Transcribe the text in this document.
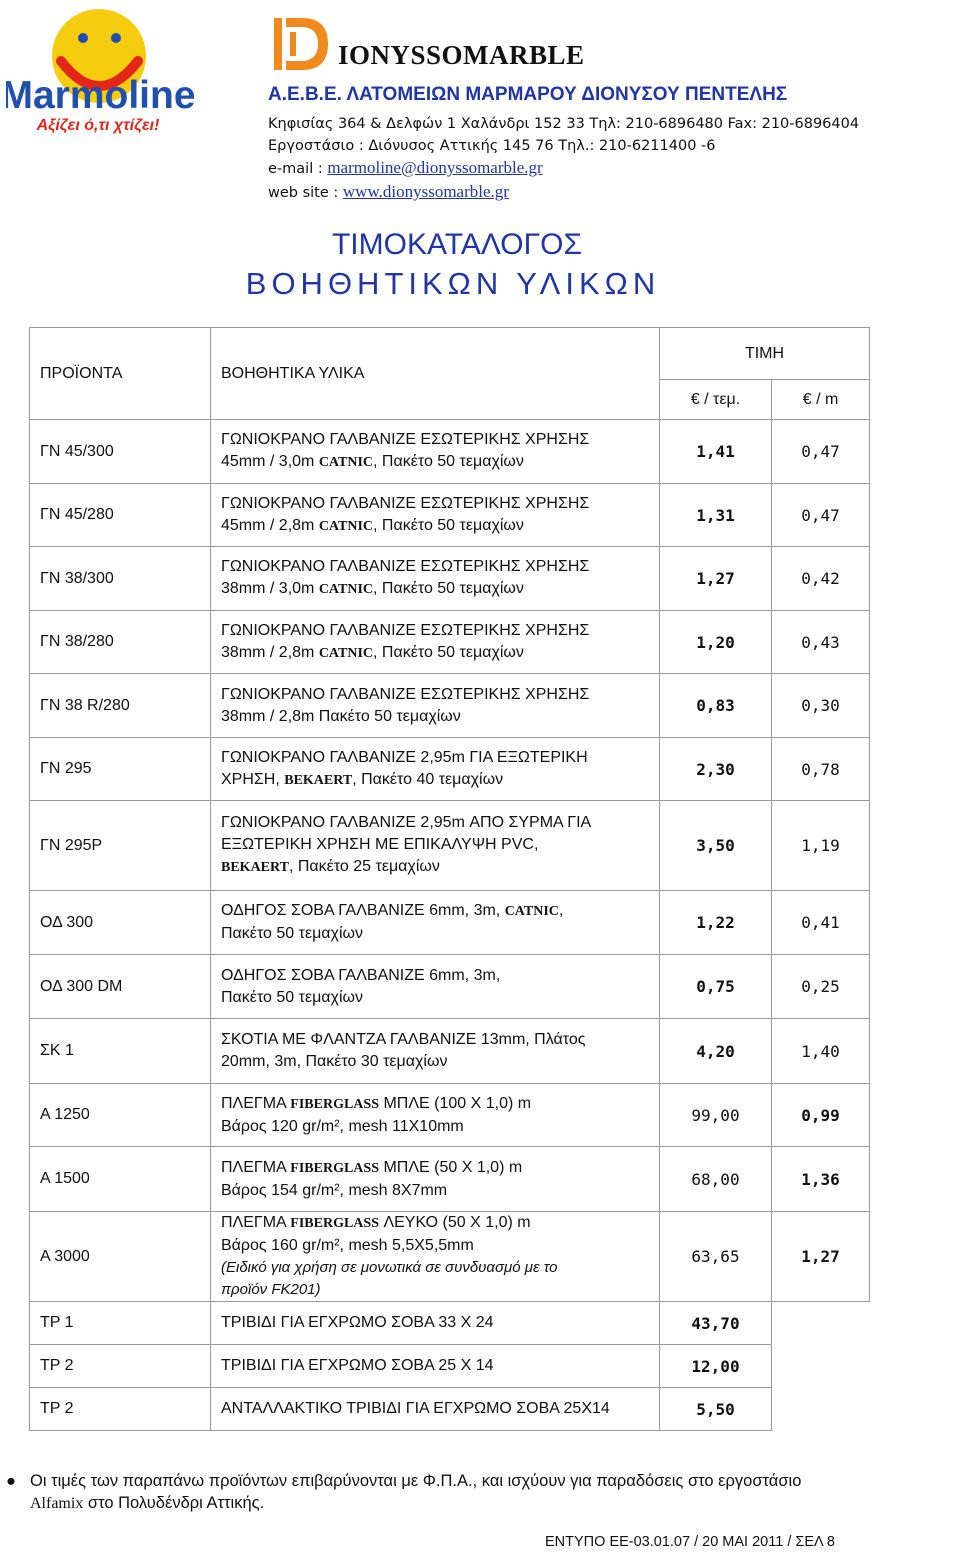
Marmoline
Αξίζει ό,τι χτίζει!
IONYSSOMARBLE
Α.Ε.Β.Ε. ΛΑΤΟΜΕΙΩΝ ΜΑΡΜΑΡΟΥ ΔΙΟΝΥΣΟΥ ΠΕΝΤΕΛΗΣ
Κηφισίας 364 & Δελφών 1 Χαλάνδρι 152 33 Τηλ: 210-6896480 Fax: 210-6896404
Εργοστάσιο : Διόνυσος Αττικής 145 76 Τηλ.: 210-6211400 -6
e-mail : marmoline@dionyssomarble.gr
web site : www.dionyssomarble.gr
ΤΙΜΟΚΑΤΑΛΟΓΟΣ
ΒΟΗΘΗΤΙΚΩΝ ΥΛΙΚΩΝ
ΠΡΟΪΟΝΤΑ	ΒΟΗΘΗΤΙΚΑ ΥΛΙΚΑ	ΤΙΜΗ	
		€ / τεμ.	€ / m
ΓΝ 45/300	ΓΩΝΙΟΚΡΑΝΟ ΓΑΛΒΑΝΙΖΕ ΕΣΩΤΕΡΙΚΗΣ ΧΡΗΣΗΣ
45mm / 3,0m CATNIC, Πακέτο 50 τεμαχίων	1,41	0,47
ΓΝ 45/280	ΓΩΝΙΟΚΡΑΝΟ ΓΑΛΒΑΝΙΖΕ ΕΣΩΤΕΡΙΚΗΣ ΧΡΗΣΗΣ
45mm / 2,8m CATNIC, Πακέτο 50 τεμαχίων	1,31	0,47
ΓΝ 38/300	ΓΩΝΙΟΚΡΑΝΟ ΓΑΛΒΑΝΙΖΕ ΕΣΩΤΕΡΙΚΗΣ ΧΡΗΣΗΣ
38mm / 3,0m CATNIC, Πακέτο 50 τεμαχίων	1,27	0,42
ΓΝ 38/280	ΓΩΝΙΟΚΡΑΝΟ ΓΑΛΒΑΝΙΖΕ ΕΣΩΤΕΡΙΚΗΣ ΧΡΗΣΗΣ
38mm / 2,8m CATNIC, Πακέτο 50 τεμαχίων	1,20	0,43
ΓΝ 38 R/280	ΓΩΝΙΟΚΡΑΝΟ ΓΑΛΒΑΝΙΖΕ ΕΣΩΤΕΡΙΚΗΣ ΧΡΗΣΗΣ
38mm / 2,8m Πακέτο 50 τεμαχίων	0,83	0,30
ΓΝ 295	ΓΩΝΙΟΚΡΑΝΟ ΓΑΛΒΑΝΙΖΕ 2,95m ΓΙΑ ΕΞΩΤΕΡΙΚΗ
ΧΡΗΣΗ, BEKAERT, Πακέτο 40 τεμαχίων	2,30	0,78
ΓΝ 295Ρ	ΓΩΝΙΟΚΡΑΝΟ ΓΑΛΒΑΝΙΖΕ 2,95m ΑΠΟ ΣΥΡΜΑ ΓΙΑ
ΕΞΩΤΕΡΙΚΗ ΧΡΗΣΗ ΜΕ ΕΠΙΚΑΛΥΨΗ PVC,
BEKAERT, Πακέτο 25 τεμαχίων	3,50	1,19
ΟΔ 300	ΟΔΗΓΟΣ ΣΟΒΑ ΓΑΛΒΑΝΙΖΕ 6mm, 3m, CATNIC,
Πακέτο 50 τεμαχίων	1,22	0,41
ΟΔ 300 DM	ΟΔΗΓΟΣ ΣΟΒΑ ΓΑΛΒΑΝΙΖΕ 6mm, 3m,
Πακέτο 50 τεμαχίων	0,75	0,25
ΣΚ 1	ΣΚΟΤΙΑ ΜΕ ΦΛΑΝΤΖΑ ΓΑΛΒΑΝΙΖΕ 13mm, Πλάτος
20mm, 3m, Πακέτο 30 τεμαχίων	4,20	1,40
Α 1250	ΠΛΕΓΜΑ FIBERGLASS ΜΠΛΕ (100 Χ 1,0) m
Βάρος 120 gr/m², mesh 11Χ10mm	99,00	0,99
Α 1500	ΠΛΕΓΜΑ FIBERGLASS ΜΠΛΕ (50 Χ 1,0) m
Βάρος 154 gr/m², mesh 8Χ7mm	68,00	1,36
Α 3000	ΠΛΕΓΜΑ FIBERGLASS ΛΕΥΚΟ (50 Χ 1,0) m
Βάρος 160 gr/m², mesh 5,5Χ5,5mm
(Ειδικό για χρήση σε μονωτικά σε συνδυασμό με το
προϊόν FK201)	63,65	1,27
ΤΡ 1	ΤΡΙΒΙΔΙ ΓΙΑ ΕΓΧΡΩΜΟ ΣΟΒΑ 33 Χ 24	43,70	
ΤΡ 2	ΤΡΙΒΙΔΙ ΓΙΑ ΕΓΧΡΩΜΟ ΣΟΒΑ 25 Χ 14	12,00	
ΤΡ 2	ΑΝΤΑΛΛΑΚΤΙΚΟ ΤΡΙΒΙΔΙ ΓΙΑ ΕΓΧΡΩΜΟ ΣΟΒΑ 25Χ14	5,50	
● Οι τιμές των παραπάνω προϊόντων επιβαρύνονται με Φ.Π.Α., και ισχύουν για παραδόσεις στο εργοστάσιο
Alfamix στο Πολυδένδρι Αττικής.
ΕΝΤΥΠΟ ΕΕ-03.01.07 / 20 ΜΑΙ 2011 / ΣΕΛ 8
